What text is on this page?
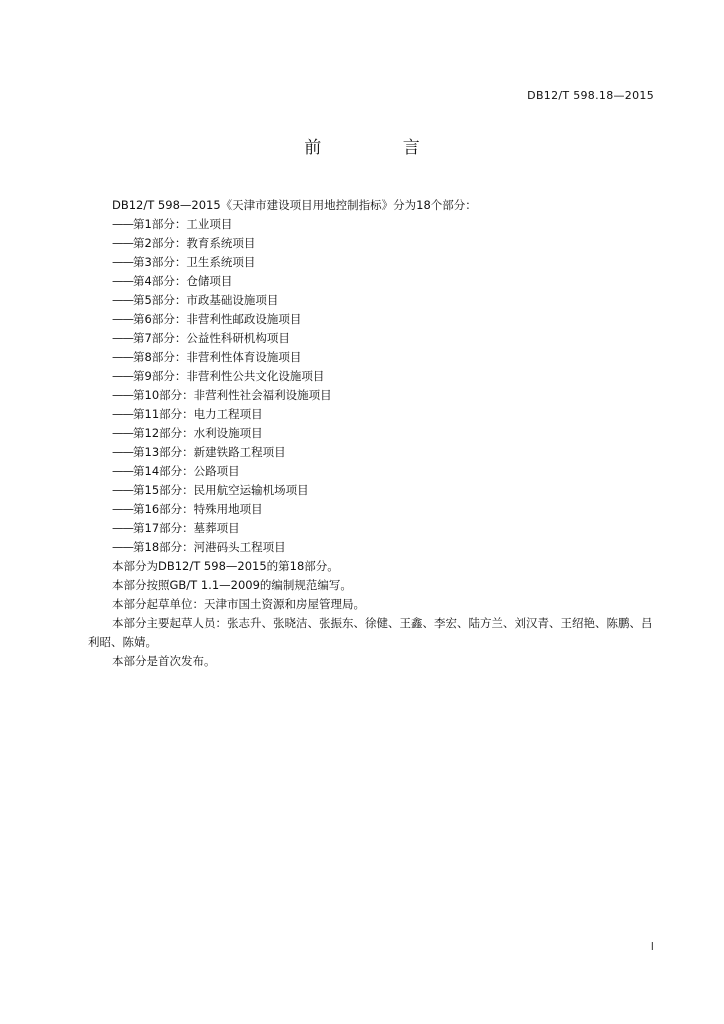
DB12/T 598.18—2015
前 言

DB12/T 598—2015《天津市建设项目用地控制指标》分为18个部分：

——第1部分：工业项目
——第2部分：教育系统项目
——第3部分：卫生系统项目
——第4部分：仓储项目
——第5部分：市政基础设施项目
——第6部分：非营利性邮政设施项目
——第7部分：公益性科研机构项目
——第8部分：非营利性体育设施项目
——第9部分：非营利性公共文化设施项目
——第10部分：非营利性社会福利设施项目
——第11部分：电力工程项目
——第12部分：水利设施项目
——第13部分：新建铁路工程项目
——第14部分：公路项目
——第15部分：民用航空运输机场项目
——第16部分：特殊用地项目
——第17部分：墓葬项目
——第18部分：河港码头工程项目

本部分为DB12/T 598—2015的第18部分。

本部分按照GB/T 1.1—2009的编制规范编写。

本部分起草单位：天津市国土资源和房屋管理局。

本部分主要起草人员：张志升、张晓洁、张振东、徐健、王鑫、李宏、陆方兰、刘汉青、王绍艳、陈鹏、吕利昭、陈婧。

本部分是首次发布。

I
